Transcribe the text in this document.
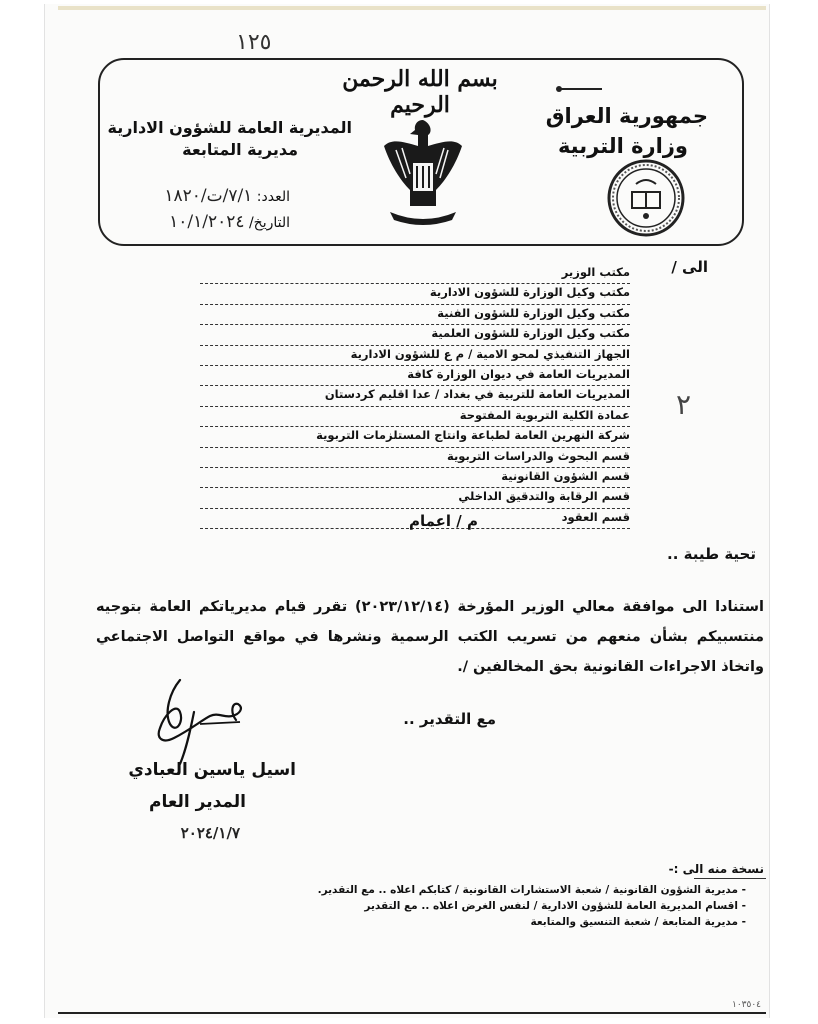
١٢٥
بسم الله الرحمن الرحيم	جمهورية العراق
وزارة التربية
المديرية العامة للشؤون الادارية
مديرية المتابعة
العدد: ٧/١/ت/١٨٢٠
التاريخ/ ١٠/١/٢٠٢٤
الى /
مكتب الوزير
مكتب وكيل الوزارة للشؤون الادارية
مكتب وكيل الوزارة للشؤون الفنية
مكتب وكيل الوزارة للشؤون العلمية
الجهاز التنفيذي لمحو الامية / م ع للشؤون الادارية
المديريات العامة في ديوان الوزارة كافة
المديريات العامة للتربية في بغداد / عدا اقليم كردستان
عمادة الكلية التربوية المفتوحة
شركة النهرين العامة لطباعة وانتاج المستلزمات التربوية
قسم البحوث والدراسات التربوية
قسم الشؤون القانونية
قسم الرقابة والتدقيق الداخلي
قسم العقود
٢
م / اعمام
تحية طيبة ..
استنادا الى موافقة معالي الوزير المؤرخة (٢٠٢٣/١٢/١٤) تقرر قيام مديرياتكم العامة بتوجيه منتسبيكم بشأن منعهم من تسريب الكتب الرسمية ونشرها في مواقع التواصل الاجتماعي واتخاذ الاجراءات القانونية بحق المخالفين /.
مع التقدير ..
اسيل ياسين العبادي
المدير العام
٢٠٢٤/١/٧
نسخة منه الى :-
- مديرية الشؤون القانونية / شعبة الاستشارات القانونية / كتابكم اعلاه .. مع التقدير.
- اقسام المديرية العامة للشؤون الادارية / لنفس الغرض اعلاه .. مع التقدير
- مديرية المتابعة / شعبة التنسيق والمتابعة
١٠٣٥٠٤
